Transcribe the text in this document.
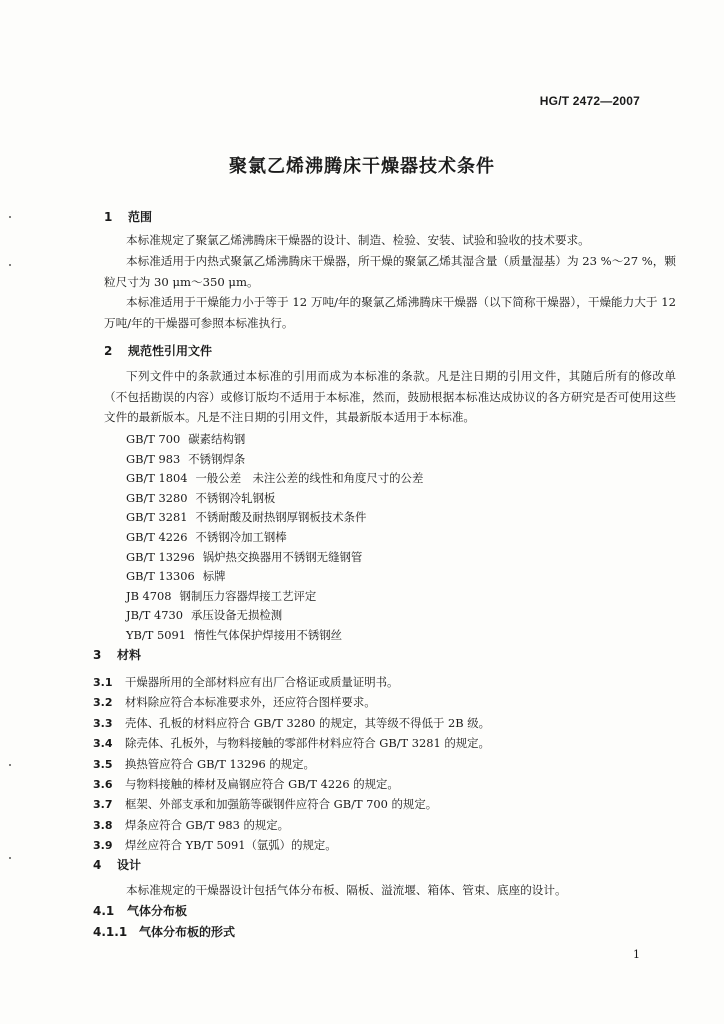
HG/T 2472—2007
聚氯乙烯沸腾床干燥器技术条件
1 范围

本标准规定了聚氯乙烯沸腾床干燥器的设计、制造、检验、安装、试验和验收的技术要求。

本标准适用于内热式聚氯乙烯沸腾床干燥器，所干燥的聚氯乙烯其湿含量（质量湿基）为 23 %～27 %，颗粒尺寸为 30 μm～350 μm。

本标准适用于干燥能力小于等于 12 万吨/年的聚氯乙烯沸腾床干燥器（以下简称干燥器），干燥能力大于 12 万吨/年的干燥器可参照本标准执行。

2 规范性引用文件

下列文件中的条款通过本标准的引用而成为本标准的条款。凡是注日期的引用文件，其随后所有的修改单（不包括勘误的内容）或修订版均不适用于本标准，然而，鼓励根据本标准达成协议的各方研究是否可使用这些文件的最新版本。凡是不注日期的引用文件，其最新版本适用于本标准。

GB/T 700 碳素结构钢
GB/T 983 不锈钢焊条
GB/T 1804 一般公差　未注公差的线性和角度尺寸的公差
GB/T 3280 不锈钢冷轧钢板
GB/T 3281 不锈耐酸及耐热钢厚钢板技术条件
GB/T 4226 不锈钢冷加工钢棒
GB/T 13296 锅炉热交换器用不锈钢无缝钢管
GB/T 13306 标牌
JB 4708 钢制压力容器焊接工艺评定
JB/T 4730 承压设备无损检测
YB/T 5091 惰性气体保护焊接用不锈钢丝
3 材料
3.1 干燥器所用的全部材料应有出厂合格证或质量证明书。
3.2 材料除应符合本标准要求外，还应符合图样要求。
3.3 壳体、孔板的材料应符合 GB/T 3280 的规定，其等级不得低于 2B 级。
3.4 除壳体、孔板外，与物料接触的零部件材料应符合 GB/T 3281 的规定。
3.5 换热管应符合 GB/T 13296 的规定。
3.6 与物料接触的棒材及扁钢应符合 GB/T 4226 的规定。
3.7 框架、外部支承和加强筋等碳钢件应符合 GB/T 700 的规定。
3.8 焊条应符合 GB/T 983 的规定。
3.9 焊丝应符合 YB/T 5091（氩弧）的规定。
4 设计

本标准规定的干燥器设计包括气体分布板、隔板、溢流堰、箱体、管束、底座的设计。

4.1 气体分布板
4.1.1 气体分布板的形式
1
